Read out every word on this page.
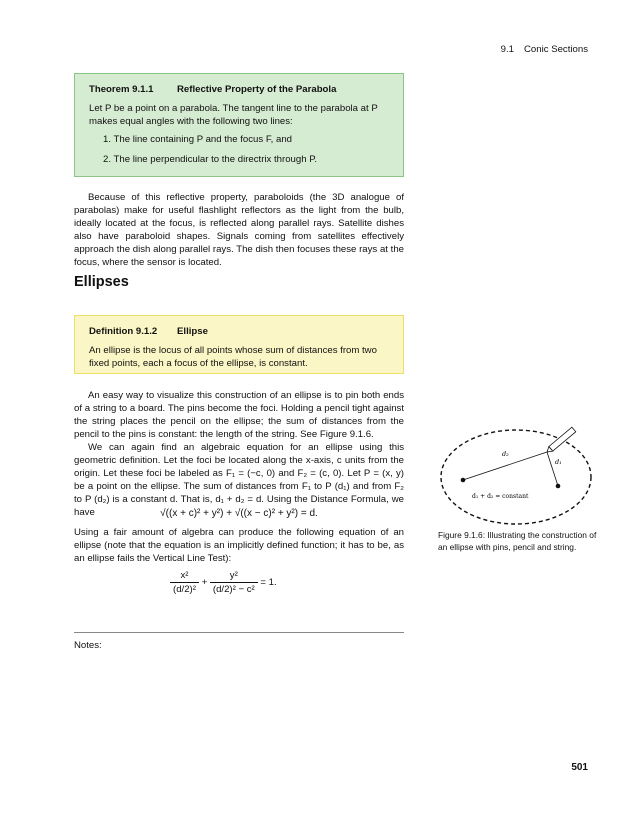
9.1 Conic Sections
Theorem 9.1.1 Reflective Property of the Parabola

Let P be a point on a parabola. The tangent line to the parabola at P makes equal angles with the following two lines:

1. The line containing P and the focus F, and
2. The line perpendicular to the directrix through P.

Because of this reflective property, paraboloids (the 3D analogue of parabolas) make for useful flashlight reflectors as the light from the bulb, ideally located at the focus, is reflected along parallel rays. Satellite dishes also have paraboloid shapes. Signals coming from satellites effectively approach the dish along parallel rays. The dish then focuses these rays at the focus, where the sensor is located.

Ellipses
Definition 9.1.2 Ellipse

An ellipse is the locus of all points whose sum of distances from two fixed points, each a focus of the ellipse, is constant.

An easy way to visualize this construction of an ellipse is to pin both ends of a string to a board. The pins become the foci. Holding a pencil tight against the string places the pencil on the ellipse; the sum of distances from the pencil to the pins is constant: the length of the string. See Figure 9.1.6.

We can again find an algebraic equation for an ellipse using this geometric definition. Let the foci be located along the x-axis, c units from the origin. Let these foci be labeled as F₁ = (−c, 0) and F₂ = (c, 0). Let P = (x, y) be a point on the ellipse. The sum of distances from F₁ to P (d₁) and from F₂ to P (d₂) is a constant d. That is, d₁ + d₂ = d. Using the Distance Formula, we have	√((x + c)² + y²) + √((x − c)² + y²) = d.

Using a fair amount of algebra can produce the following equation of an ellipse (note that the equation is an implicitly defined function; it has to be, as an ellipse fails the Vertical Line Test):

$\frac{\text{x²}}{\text{(d/2)²}} + \frac{\text{y²}}{\text{(d/2)² − c²}} = 1$.
d₂
d₁
d₁ + d₂ = constant

Figure 9.1.6: Illustrating the construction of an ellipse with pins, pencil and string.

Notes:
501
